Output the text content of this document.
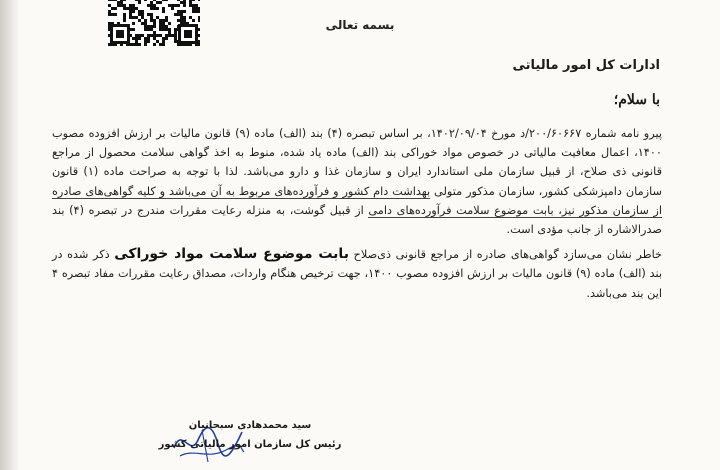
بسمه تعالی
ادارات کل امور مالیاتی
با سلام؛

پیرو نامه شماره ۲۰۰/۶۰۶۶۷/د مورخ ۱۴۰۲/۰۹/۰۴، بر اساس تبصره (۴) بند (الف) ماده (۹) قانون مالیات بر ارزش افزوده مصوب ۱۴۰۰، اعمال معافیت مالیاتی در خصوص مواد خوراکی بند (الف) ماده یاد شده، منوط به اخذ گواهی سلامت محصول از مراجع قانونی ذی صلاح، از قبیل سازمان ملی استاندارد ایران و سازمان غذا و دارو می‌باشد. لذا با توجه به صراحت ماده (۱) قانون سازمان دامپزشکی کشور، سازمان مذکور متولی بهداشت دام کشور و فرآورده‌های مربوط به آن می‌باشد و کلیه گواهی‌های صادره از سازمان مذکور نیز، بابت موضوع سلامت فرآورده‌های دامی از قبیل گوشت، به منزله رعایت مقررات مندرج در تبصره (۴) بند صدرالاشاره از جانب مؤدی است.

خاطر نشان می‌سازد گواهی‌های صادره از مراجع قانونی ذی‌صلاح بابت موضوع سلامت مواد خوراکی ذکر شده در بند (الف) ماده (۹) قانون مالیات بر ارزش افزوده مصوب ۱۴۰۰، جهت ترخیص هنگام واردات، مصداق رعایت مقررات مفاد تبصره ۴ این بند می‌باشد.

سید محمدهادی سبحانیان
رئیس کل سازمان امور مالیاتی کشور
